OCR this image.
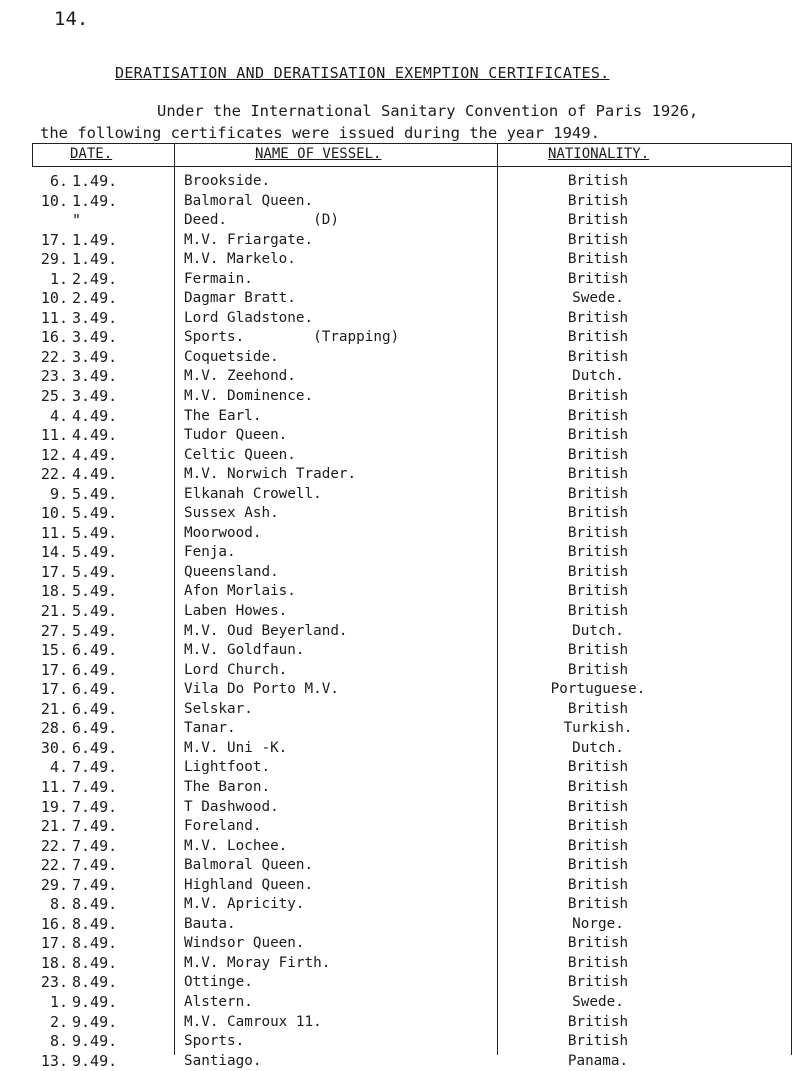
14.
DERATISATION AND DERATISATION EXEMPTION CERTIFICATES.
Under the International Sanitary Convention of Paris 1926,
the following certificates were issued during the year 1949.
DATE.	NAME OF VESSEL.	NATIONALITY.
6. 1.49.	Brookside.	British
10. 1.49.	Balmoral Queen.	British
"	Deed.          (D)	British
17. 1.49.	M.V. Friargate.	British
29. 1.49.	M.V. Markelo.	British
1. 2.49.	Fermain.	British
10. 2.49.	Dagmar Bratt.	Swede.
11. 3.49.	Lord Gladstone.	British
16. 3.49.	Sports.        (Trapping)	British
22. 3.49.	Coquetside.	British
23. 3.49.	M.V. Zeehond.	Dutch.
25. 3.49.	M.V. Dominence.	British
4. 4.49.	The Earl.	British
11. 4.49.	Tudor Queen.	British
12. 4.49.	Celtic Queen.	British
22. 4.49.	M.V. Norwich Trader.	British
9. 5.49.	Elkanah Crowell.	British
10. 5.49.	Sussex Ash.	British
11. 5.49.	Moorwood.	British
14. 5.49.	Fenja.	British
17. 5.49.	Queensland.	British
18. 5.49.	Afon Morlais.	British
21. 5.49.	Laben Howes.	British
27. 5.49.	M.V. Oud Beyerland.	Dutch.
15. 6.49.	M.V. Goldfaun.	British
17. 6.49.	Lord Church.	British
17. 6.49.	Vila Do Porto M.V.	Portuguese.
21. 6.49.	Selskar.	British
28. 6.49.	Tanar.	Turkish.
30. 6.49.	M.V. Uni -K.	Dutch.
4. 7.49.	Lightfoot.	British
11. 7.49.	The Baron.	British
19. 7.49.	T Dashwood.	British
21. 7.49.	Foreland.	British
22. 7.49.	M.V. Lochee.	British
22. 7.49.	Balmoral Queen.	British
29. 7.49.	Highland Queen.	British
8. 8.49.	M.V. Apricity.	British
16. 8.49.	Bauta.	Norge.
17. 8.49.	Windsor Queen.	British
18. 8.49.	M.V. Moray Firth.	British
23. 8.49.	Ottinge.	British
1. 9.49.	Alstern.	Swede.
2. 9.49.	M.V. Camroux 11.	British
8. 9.49.	Sports.	British
13. 9.49.	Santiago.	Panama.
